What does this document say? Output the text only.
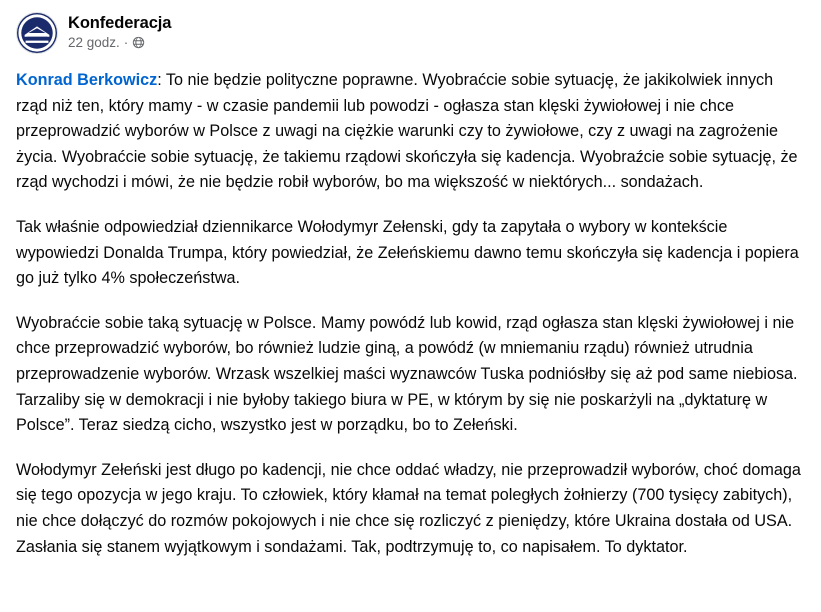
Konfederacja
22 godz. ·

Konrad Berkowicz: To nie będzie polityczne poprawne. Wyobraćcie sobie sytuację, że jakikolwiek innych rząd niż ten, który mamy - w czasie pandemii lub powodzi - ogłasza stan klęski żywiołowej i nie chce przeprowadzić wyborów w Polsce z uwagi na ciężkie warunki czy to żywiołowe, czy z uwagi na zagrożenie życia. Wyobraćcie sobie sytuację, że takiemu rządowi skończyła się kadencja. Wyobraźcie sobie sytuację, że rząd wychodzi i mówi, że nie będzie robił wyborów, bo ma większość w niektórych... sondażach.

Tak właśnie odpowiedział dziennikarce Wołodymyr Zełenski, gdy ta zapytała o wybory w kontekście wypowiedzi Donalda Trumpa, który powiedział, że Zełeńskiemu dawno temu skończyła się kadencja i popiera go już tylko 4% społeczeństwa.

Wyobraćcie sobie taką sytuację w Polsce. Mamy powódź lub kowid, rząd ogłasza stan klęski żywiołowej i nie chce przeprowadzić wyborów, bo również ludzie giną, a powódź (w mniemaniu rządu) również utrudnia przeprowadzenie wyborów. Wrzask wszelkiej maści wyznawców Tuska podniósłby się aż pod same niebiosa. Tarzaliby się w demokracji i nie byłoby takiego biura w PE, w którym by się nie poskarżyli na „dyktaturę w Polsce”. Teraz siedzą cicho, wszystko jest w porządku, bo to Zełeński.

Wołodymyr Zełeński jest długo po kadencji, nie chce oddać władzy, nie przeprowadził wyborów, choć domaga się tego opozycja w jego kraju. To człowiek, który kłamał na temat poległych żołnierzy (700 tysięcy zabitych), nie chce dołączyć do rozmów pokojowych i nie chce się rozliczyć z pieniędzy, które Ukraina dostała od USA. Zasłania się stanem wyjątkowym i sondażami. Tak, podtrzymuję to, co napisałem. To dyktator.
